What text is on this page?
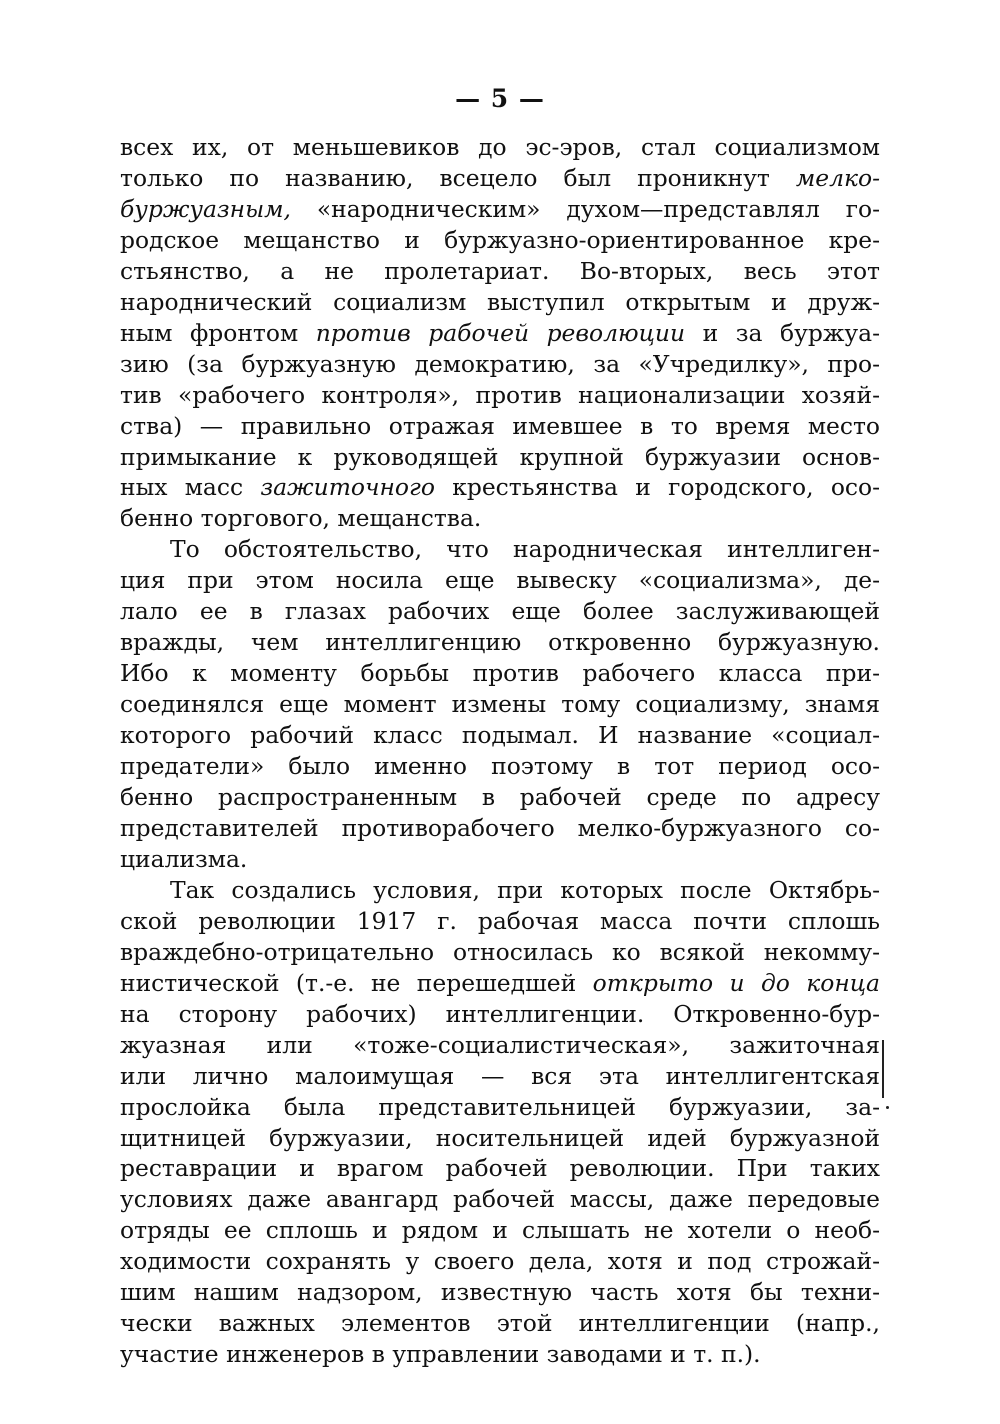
— 5 —
всех их, от меньшевиков до эс-эров, стал социализмом
только по названию, всецело был проникнут мелко-
буржуазным, «народническим» духом—представлял го-
родское мещанство и буржуазно-ориентированное кре-
стьянство, а не пролетариат. Во-вторых, весь этот
народнический социализм выступил открытым и друж-
ным фронтом против рабочей революции и за буржуа-
зию (за буржуазную демократию, за «Учредилку», про-
тив «рабочего контроля», против национализации хозяй-
ства) — правильно отражая имевшее в то время место
примыкание к руководящей крупной буржуазии основ-
ных масс зажиточного крестьянства и городского, осо-
бенно торгового, мещанства.
То обстоятельство, что народническая интеллиген-
ция при этом носила еще вывеску «социализма», де-
лало ее в глазах рабочих еще более заслуживающей
вражды, чем интеллигенцию откровенно буржуазную.
Ибо к моменту борьбы против рабочего класса при-
соединялся еще момент измены тому социализму, знамя
которого рабочий класс подымал. И название «социал-
предатели» было именно поэтому в тот период осо-
бенно распространенным в рабочей среде по адресу
представителей противорабочего мелко-буржуазного со-
циализма.
Так создались условия, при которых после Октябрь-
ской революции 1917 г. рабочая масса почти сплошь
враждебно-отрицательно относилась ко всякой некомму-
нистической (т.-е. не перешедшей открыто и до конца
на сторону рабочих) интеллигенции. Откровенно-бур-
жуазная или «тоже-социалистическая», зажиточная
или лично малоимущая — вся эта интеллигентская
прослойка была представительницей буржуазии, за-
щитницей буржуазии, носительницей идей буржуазной
реставрации и врагом рабочей революции. При таких
условиях даже авангард рабочей массы, даже передовые
отряды ее сплошь и рядом и слышать не хотели о необ-
ходимости сохранять у своего дела, хотя и под строжай-
шим нашим надзором, известную часть хотя бы техни-
чески важных элементов этой интеллигенции (напр.,
участие инженеров в управлении заводами и т. п.).
